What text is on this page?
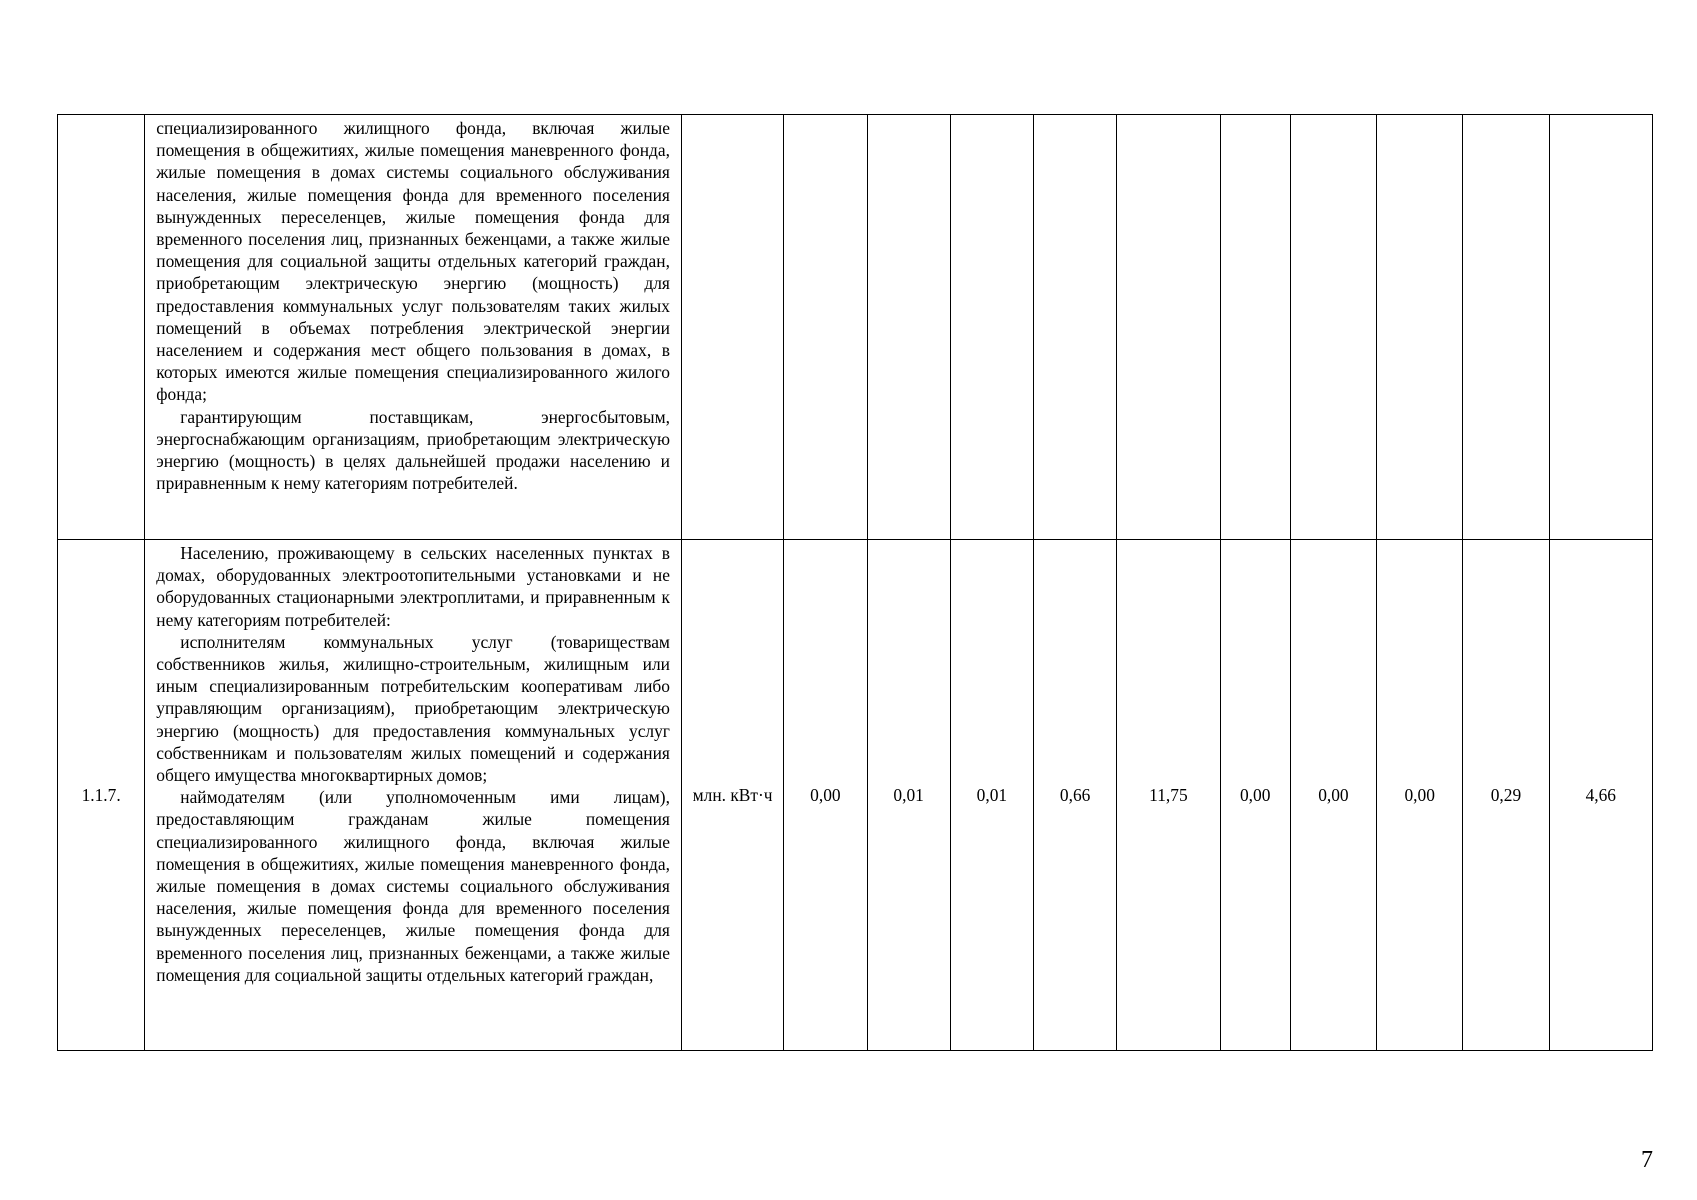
	специализированного жилищного фонда, включая жилые помещения в общежитиях, жилые помещения маневренного фонда, жилые помещения в домах системы социального обслуживания населения, жилые помещения фонда для временного поселения вынужденных переселенцев, жилые помещения фонда для временного поселения лиц, признанных беженцами, а также жилые помещения для социальной защиты отдельных категорий граждан, приобретающим электрическую энергию (мощность) для предоставления коммунальных услуг пользователям таких жилых помещений в объемах потребления электрической энергии населением и содержания мест общего пользования в домах, в которых имеются жилые помещения специализированного жилого фонда;

гарантирующим поставщикам, энергосбытовым, энергоснабжающим организациям, приобретающим электрическую энергию (мощность) в целях дальнейшей продажи населению и приравненным к нему категориям потребителей.											

1.1.7.	Населению, проживающему в сельских населенных пунктах в домах, оборудованных электроотопительными установками и не оборудованных стационарными электроплитами, и приравненным к нему категориям потребителей:

исполнителям коммунальных услуг (товариществам собственников жилья, жилищно-строительным, жилищным или иным специализированным потребительским кооперативам либо управляющим организациям), приобретающим электрическую энергию (мощность) для предоставления коммунальных услуг собственникам и пользователям жилых помещений и содержания общего имущества многоквартирных домов;

наймодателям (или уполномоченным ими лицам), предоставляющим гражданам жилые помещения специализированного жилищного фонда, включая жилые помещения в общежитиях, жилые помещения маневренного фонда, жилые помещения в домах системы социального обслуживания населения, жилые помещения фонда для временного поселения вынужденных переселенцев, жилые помещения фонда для временного поселения лиц, признанных беженцами, а также жилые помещения для социальной защиты отдельных категорий граждан,	млн. кВт·ч	0,00	0,01	0,01	0,66	11,75	0,00	0,00	0,00	0,29	4,66
7
